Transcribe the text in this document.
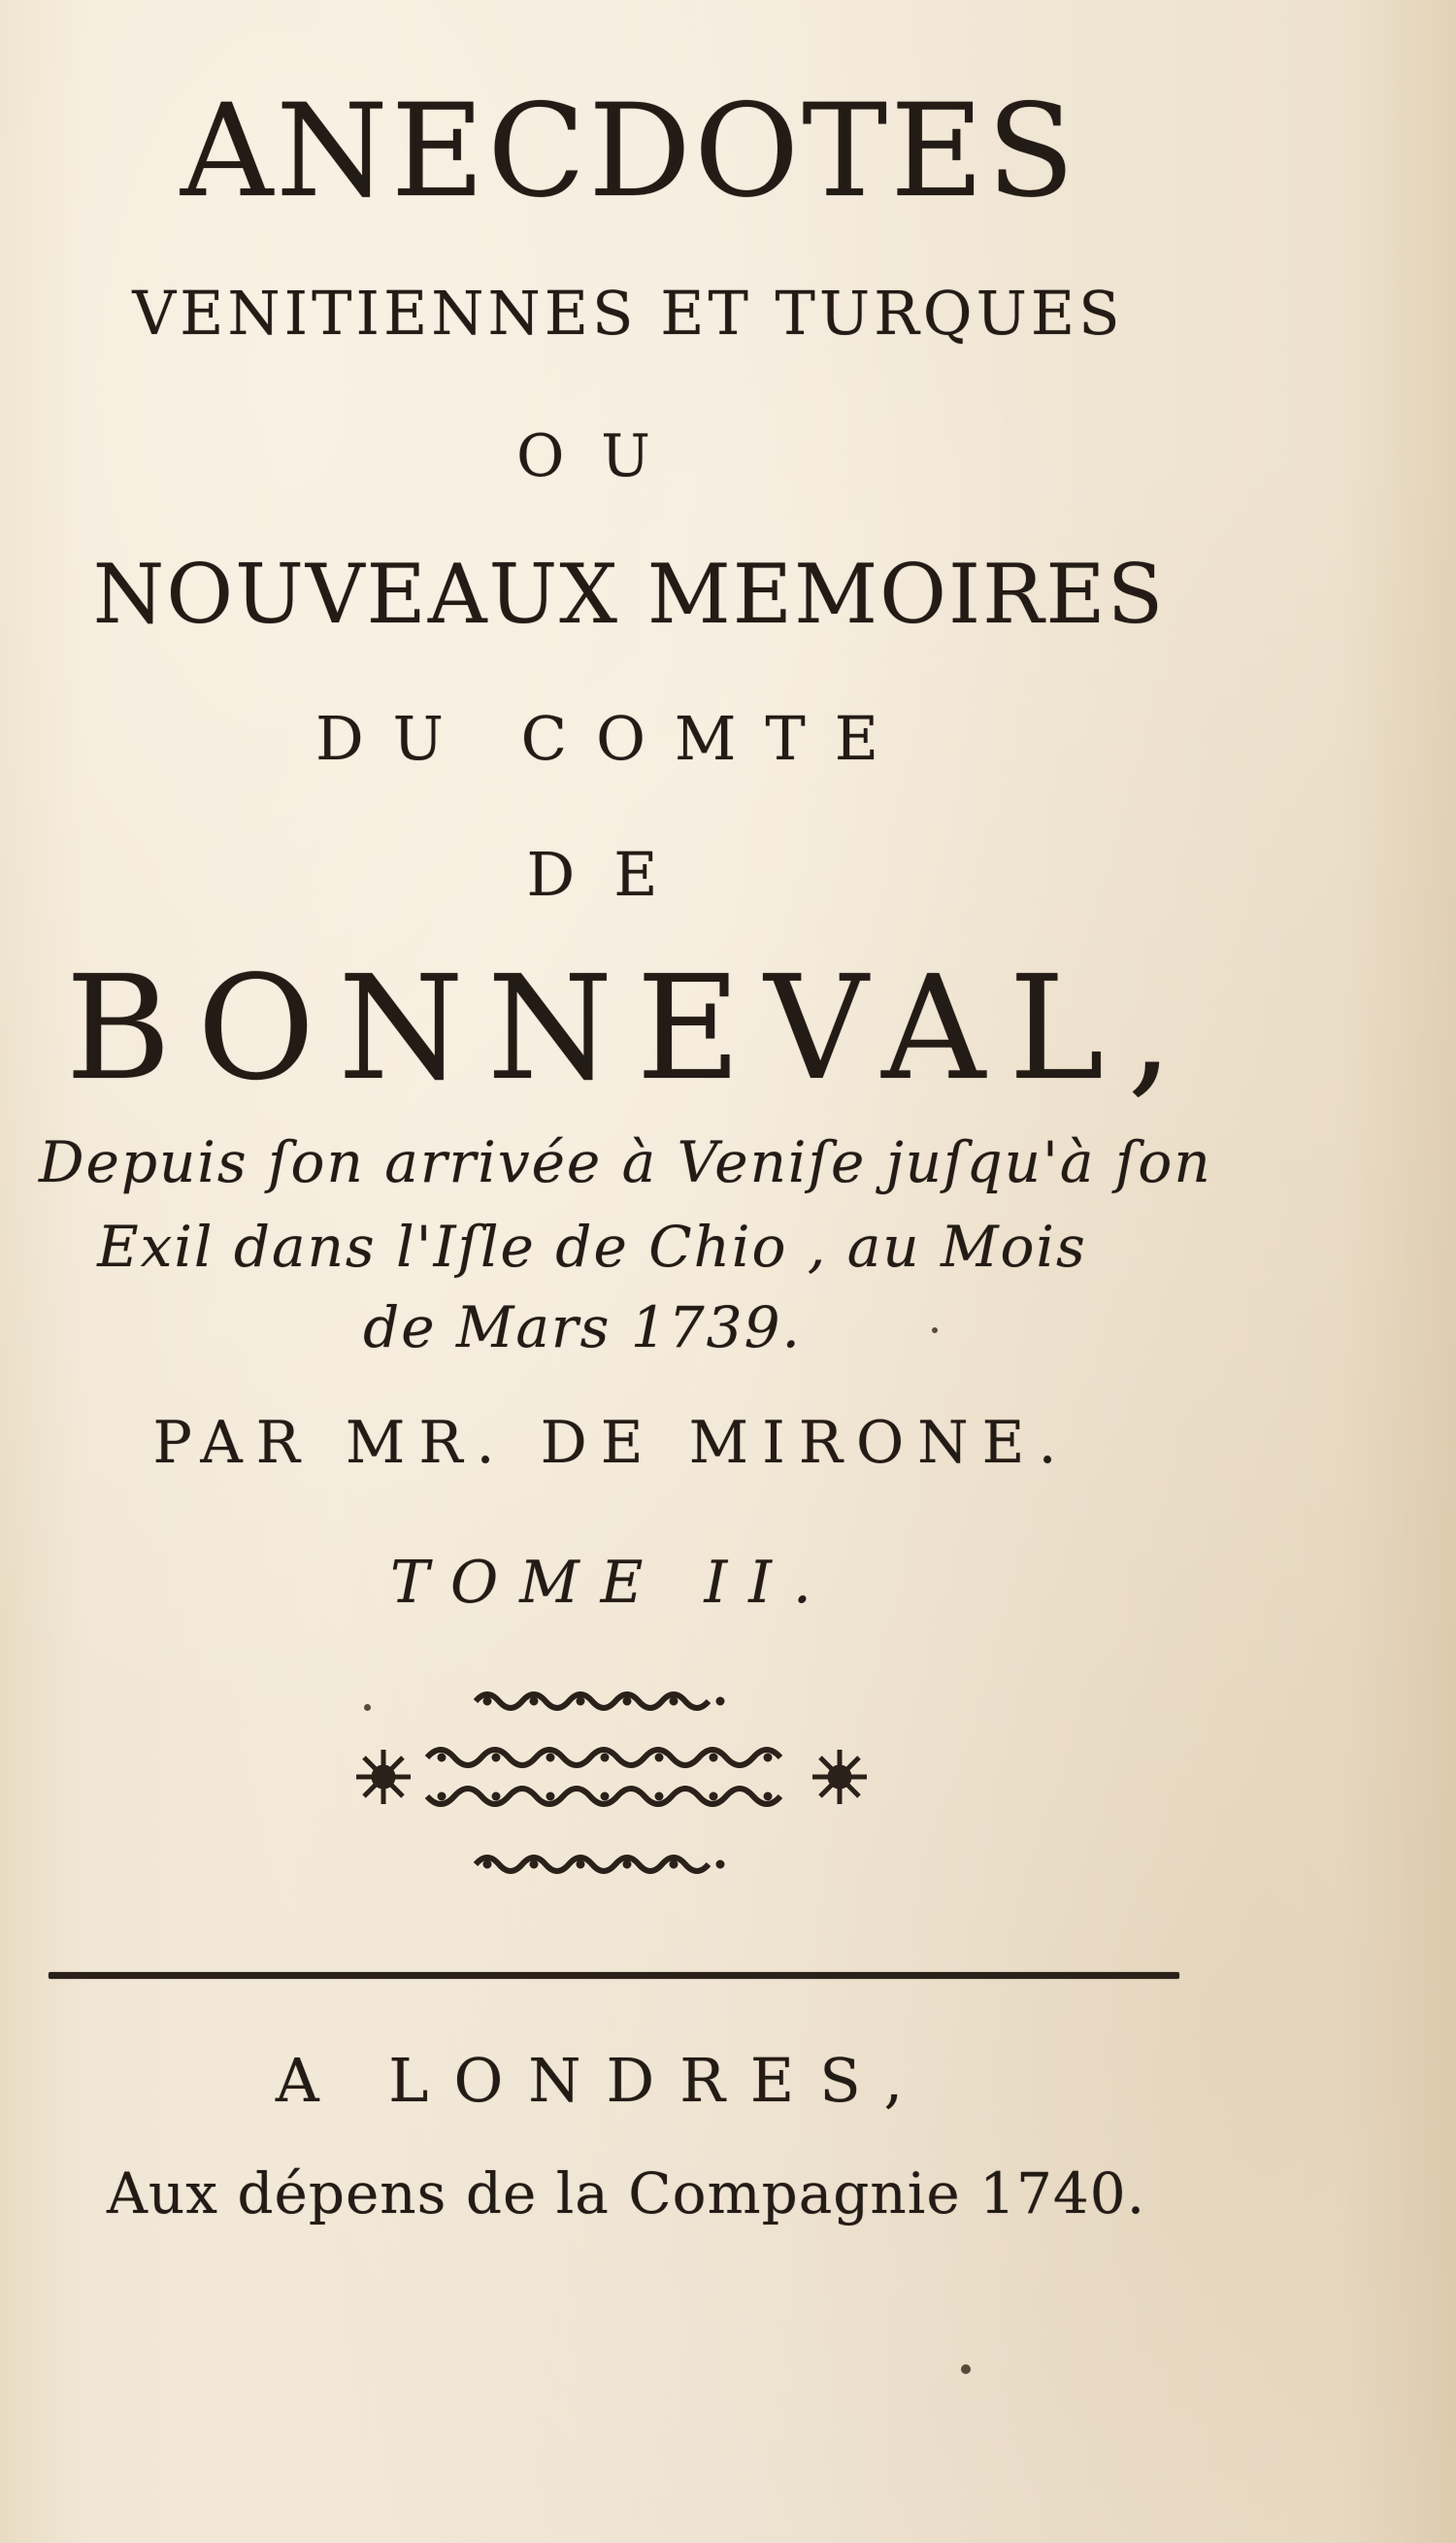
ANECDOTES
VENITIENNES ET TURQUES
OU
NOUVEAUX MEMOIRES
DU COMTE
DE
BONNEVAL,
Depuis ſon arrivée à Veniſe juſqu'à ſon
Exil dans l'Iſle de Chio , au Mois
de Mars 1739.
PAR MR. DE MIRONE.
TOME II.
A LONDRES,
Aux dépens de la Compagnie 1740.
